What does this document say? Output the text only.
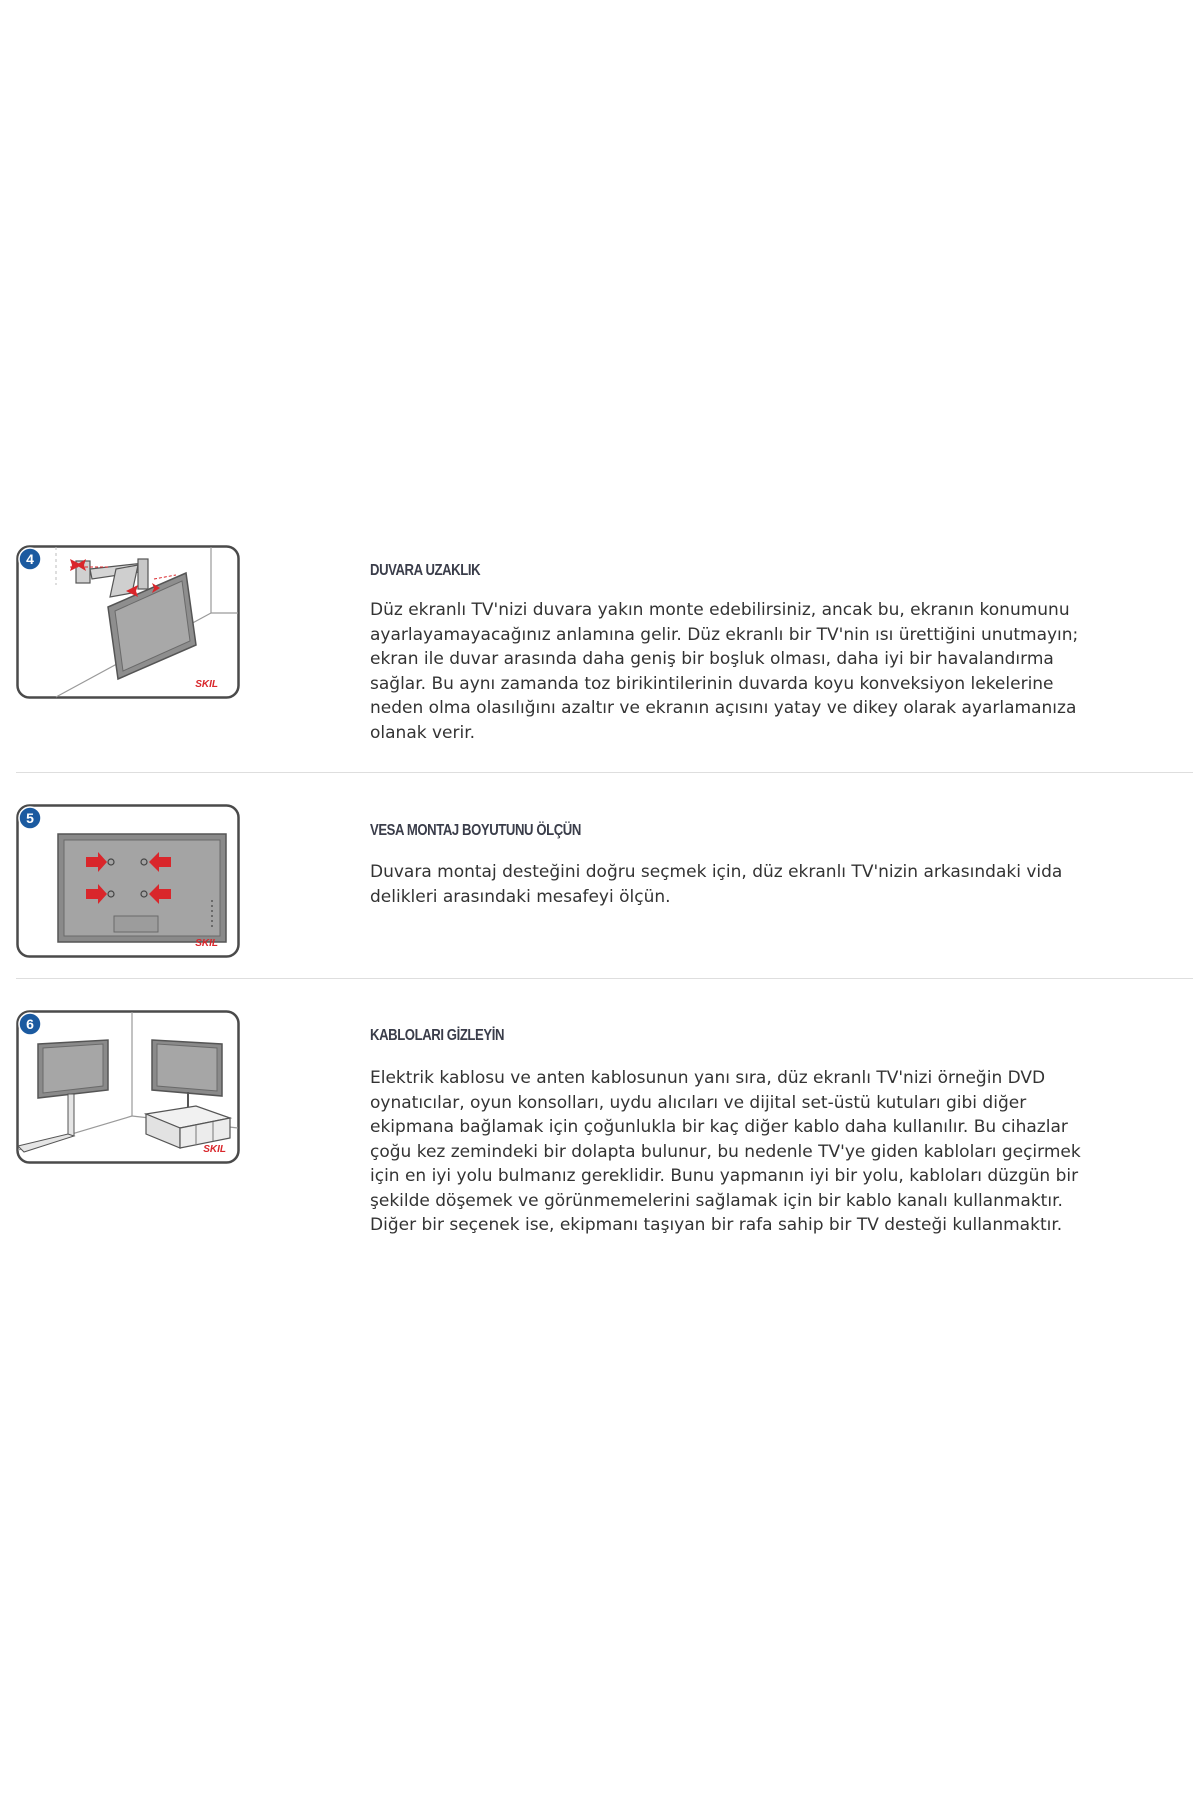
4
SKIL
DUVARA UZAKLIK

Düz ekranlı TV'nizi duvara yakın monte edebilirsiniz, ancak bu, ekranın konumunu ayarlayamayacağınız anlamına gelir. Düz ekranlı bir TV'nin ısı ürettiğini unutmayın; ekran ile duvar arasında daha geniş bir boşluk olması, daha iyi bir havalandırma sağlar. Bu aynı zamanda toz birikintilerinin duvarda koyu konveksiyon lekelerine neden olma olasılığını azaltır ve ekranın açısını yatay ve dikey olarak ayarlamanıza olanak verir.

5
SKIL
VESA MONTAJ BOYUTUNU ÖLÇÜN

Duvara montaj desteğini doğru seçmek için, düz ekranlı TV'nizin arkasındaki vida delikleri arasındaki mesafeyi ölçün.

6
SKIL
KABLOLARI GİZLEYİN

Elektrik kablosu ve anten kablosunun yanı sıra, düz ekranlı TV'nizi örneğin DVD oynatıcılar, oyun konsolları, uydu alıcıları ve dijital set-üstü kutuları gibi diğer ekipmana bağlamak için çoğunlukla bir kaç diğer kablo daha kullanılır. Bu cihazlar çoğu kez zemindeki bir dolapta bulunur, bu nedenle TV'ye giden kabloları geçirmek için en iyi yolu bulmanız gereklidir. Bunu yapmanın iyi bir yolu, kabloları düzgün bir şekilde döşemek ve görünmemelerini sağlamak için bir kablo kanalı kullanmaktır. Diğer bir seçenek ise, ekipmanı taşıyan bir rafa sahip bir TV desteği kullanmaktır.
